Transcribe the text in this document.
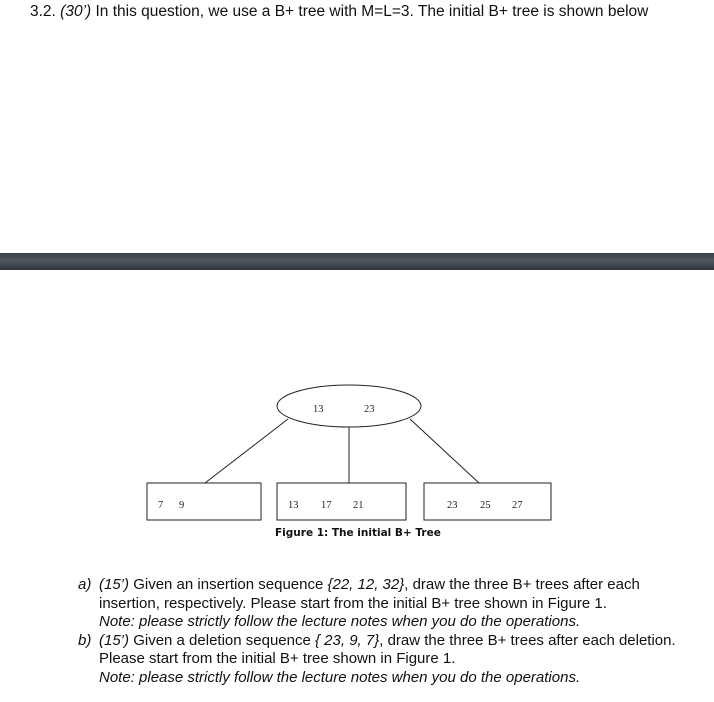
3.2. (30’) In this question, we use a B+ tree with M=L=3. The initial B+ tree is shown below
13	23
7 9	13 17 21	23 25 27
Figure 1: The initial B+ Tree
a) (15’) Given an insertion sequence {22, 12, 32}, draw the three B+ trees after each insertion, respectively. Please start from the initial B+ tree shown in Figure 1.
Note: please strictly follow the lecture notes when you do the operations.
b) (15’) Given a deletion sequence { 23, 9, 7}, draw the three B+ trees after each deletion. Please start from the initial B+ tree shown in Figure 1.
Note: please strictly follow the lecture notes when you do the operations.
